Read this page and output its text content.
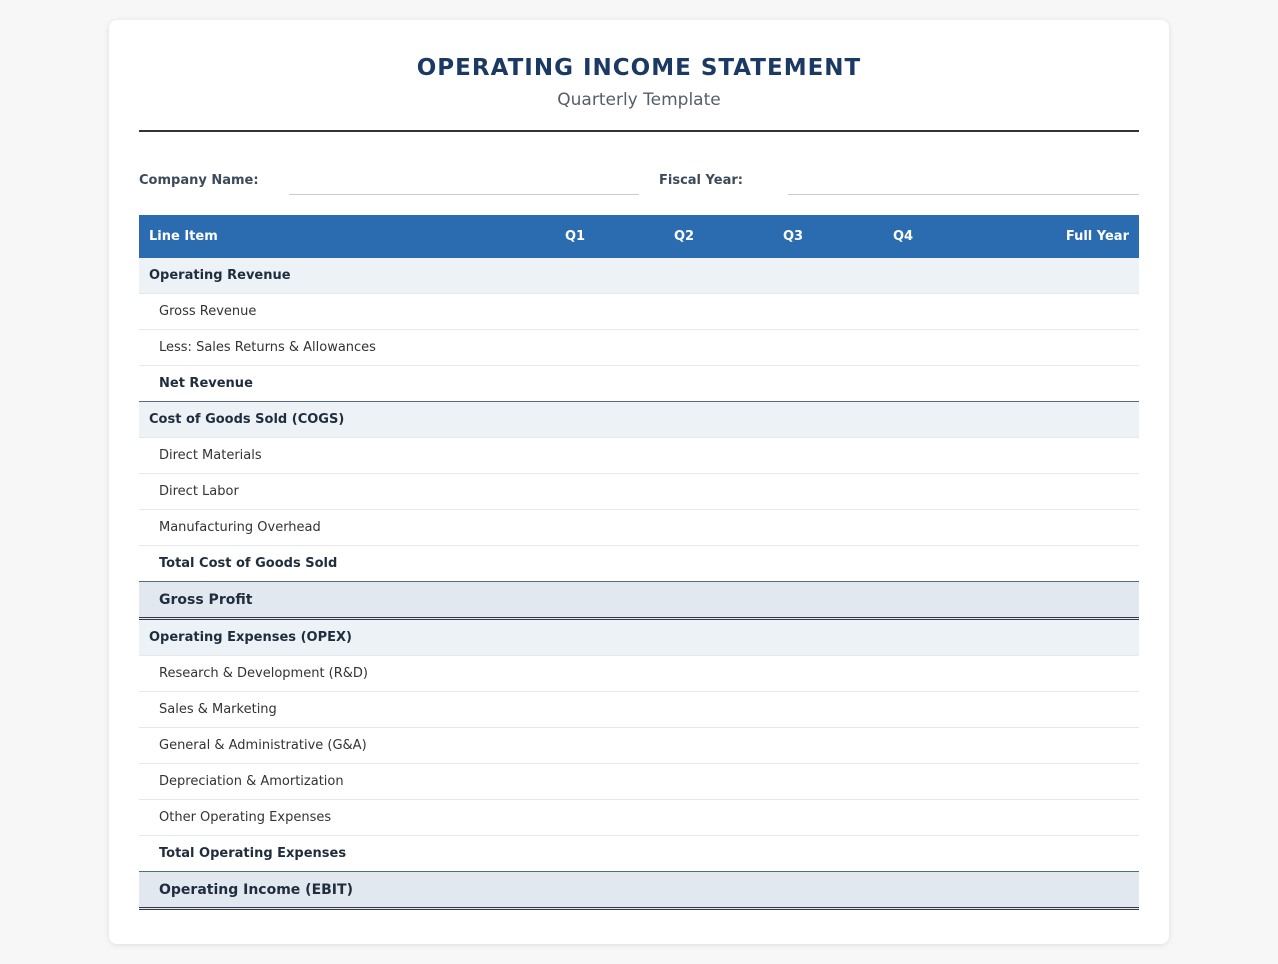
OPERATING INCOME STATEMENT
Quarterly Template
Company Name:	Fiscal Year:
Line Item	Q1	Q2	Q3	Q4	Full Year
Operating Revenue					
Gross Revenue					
Less: Sales Returns & Allowances					
Net Revenue					
Cost of Goods Sold (COGS)					
Direct Materials					
Direct Labor					
Manufacturing Overhead					
Total Cost of Goods Sold					
Gross Profit					
Operating Expenses (OPEX)					
Research & Development (R&D)					
Sales & Marketing					
General & Administrative (G&A)					
Depreciation & Amortization					
Other Operating Expenses					
Total Operating Expenses					
Operating Income (EBIT)					
